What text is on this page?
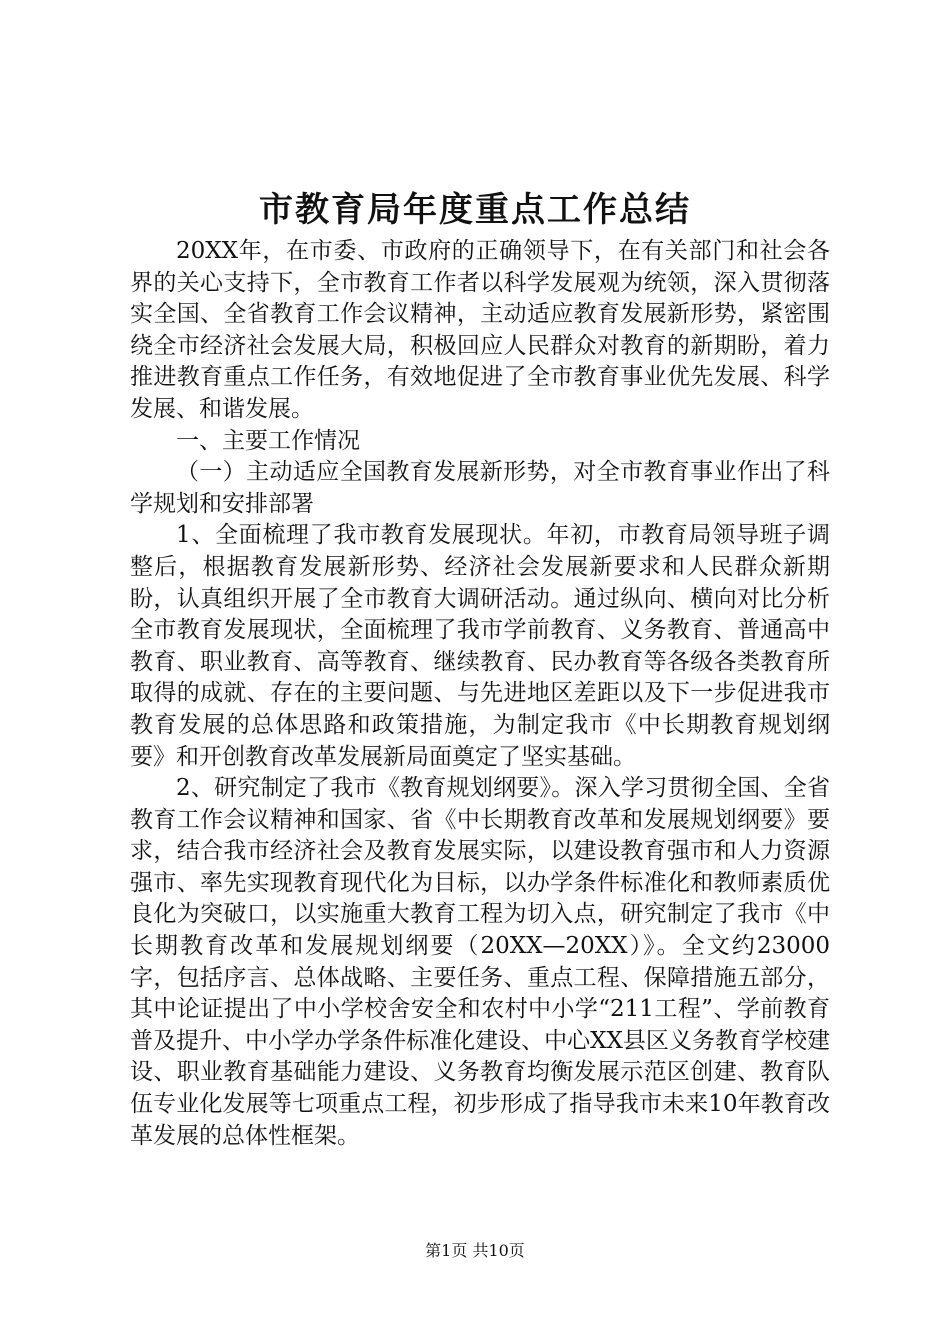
市教育局年度重点工作总结

20XX年，在市委、市政府的正确领导下，在有关部门和社会各界的关心支持下，全市教育工作者以科学发展观为统领，深入贯彻落实全国、全省教育工作会议精神，主动适应教育发展新形势，紧密围绕全市经济社会发展大局，积极回应人民群众对教育的新期盼，着力推进教育重点工作任务，有效地促进了全市教育事业优先发展、科学发展、和谐发展。

一、主要工作情况

（一）主动适应全国教育发展新形势，对全市教育事业作出了科学规划和安排部署

1、全面梳理了我市教育发展现状。年初，市教育局领导班子调整后，根据教育发展新形势、经济社会发展新要求和人民群众新期盼，认真组织开展了全市教育大调研活动。通过纵向、横向对比分析全市教育发展现状，全面梳理了我市学前教育、义务教育、普通高中教育、职业教育、高等教育、继续教育、民办教育等各级各类教育所取得的成就、存在的主要问题、与先进地区差距以及下一步促进我市教育发展的总体思路和政策措施，为制定我市《中长期教育规划纲要》和开创教育改革发展新局面奠定了坚实基础。

2、研究制定了我市《教育规划纲要》。深入学习贯彻全国、全省教育工作会议精神和国家、省《中长期教育改革和发展规划纲要》要求，结合我市经济社会及教育发展实际，以建设教育强市和人力资源强市、率先实现教育现代化为目标，以办学条件标准化和教师素质优良化为突破口，以实施重大教育工程为切入点，研究制定了我市《中长期教育改革和发展规划纲要（20XX—20XX）》。全文约23000字，包括序言、总体战略、主要任务、重点工程、保障措施五部分，其中论证提出了中小学校舍安全和农村中小学“211工程”、学前教育普及提升、中小学办学条件标准化建设、中心XX县区义务教育学校建设、职业教育基础能力建设、义务教育均衡发展示范区创建、教育队伍专业化发展等七项重点工程，初步形成了指导我市未来10年教育改革发展的总体性框架。

第1页 共10页
